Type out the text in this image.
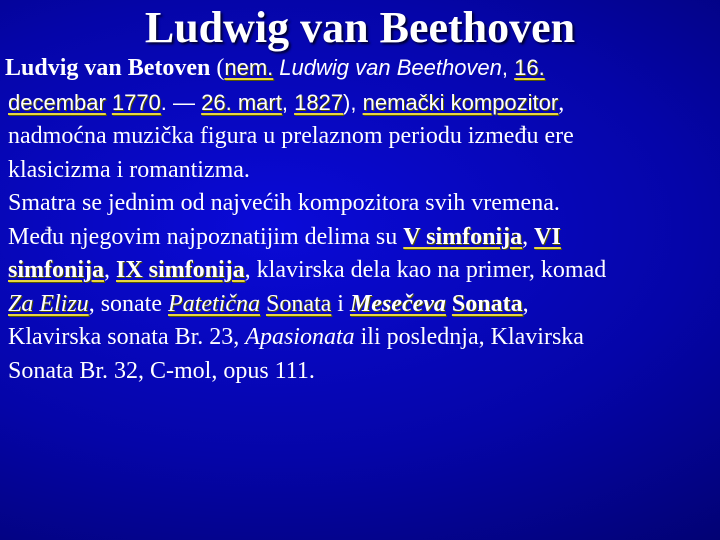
Ludwig van Beethoven

Ludvig van Betoven (nem. Ludwig van Beethoven, 16. decembar 1770. — 26. mart, 1827), nemački kompozitor, nadmoćna muzička figura u prelaznom periodu između ere klasicizma i romantizma.

Smatra se jednim od najvećih kompozitora svih vremena. Među njegovim najpoznatijim delima su V simfonija, VI simfonija, IX simfonija, klavirska dela kao na primer, komad Za Elizu, sonate Patetična Sonata i Mesečeva Sonata, Klavirska sonata Br. 23, Apasionata ili poslednja, Klavirska Sonata Br. 32, C-mol, opus 111.
